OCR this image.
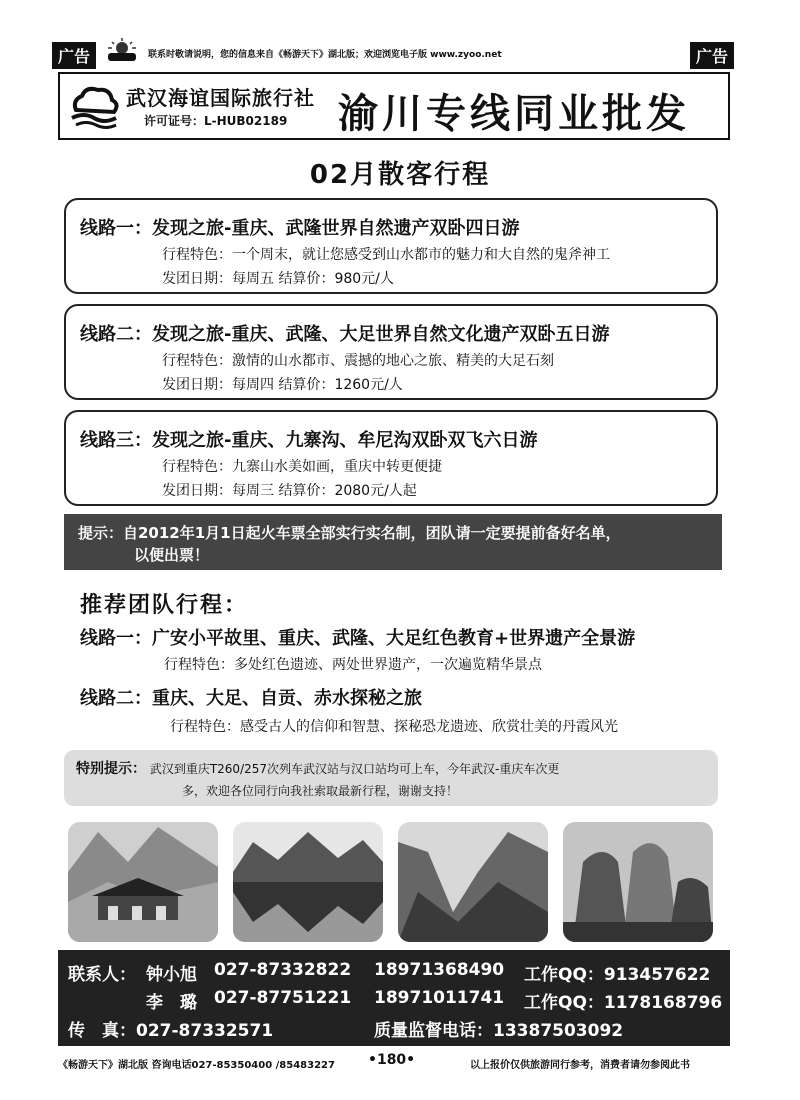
广告	联系时敬请说明，您的信息来自《畅游天下》湖北版；欢迎浏览电子版 www.zyoo.net	广告
武汉海谊国际旅行社
许可证号：L-HUB02189 渝川专线同业批发
02月散客行程
线路一：发现之旅-重庆、武隆世界自然遗产双卧四日游
行程特色：一个周末，就让您感受到山水都市的魅力和大自然的鬼斧神工
发团日期：每周五 结算价：980元/人
线路二：发现之旅-重庆、武隆、大足世界自然文化遗产双卧五日游
行程特色：激情的山水都市、震撼的地心之旅、精美的大足石刻
发团日期：每周四 结算价：1260元/人
线路三：发现之旅-重庆、九寨沟、牟尼沟双卧双飞六日游
行程特色：九寨山水美如画，重庆中转更便捷
发团日期：每周三 结算价：2080元/人起
提示：自2012年1月1日起火车票全部实行实名制，团队请一定要提前备好名单，
以便出票！
推荐团队行程：
线路一：广安小平故里、重庆、武隆、大足红色教育+世界遗产全景游
行程特色：多处红色遗迹、两处世界遗产，一次遍览精华景点
线路二：重庆、大足、自贡、赤水探秘之旅
行程特色：感受古人的信仰和智慧、探秘恐龙遗迹、欣赏壮美的丹霞风光
特别提示： 武汉到重庆T260/257次列车武汉站与汉口站均可上车，今年武汉-重庆车次更
多，欢迎各位同行向我社索取最新行程，谢谢支持！
联系人： 钟小旭 027-87332822 18971368490 工作QQ：913457622
李　璐 027-87751221 18971011741 工作QQ：1178168796
传　真：027-87332571	质量监督电话：13387503092
《畅游天下》湖北版 咨询电话027-85350400 /85483227 •180•	以上报价仅供旅游同行参考，消费者请勿参阅此书
